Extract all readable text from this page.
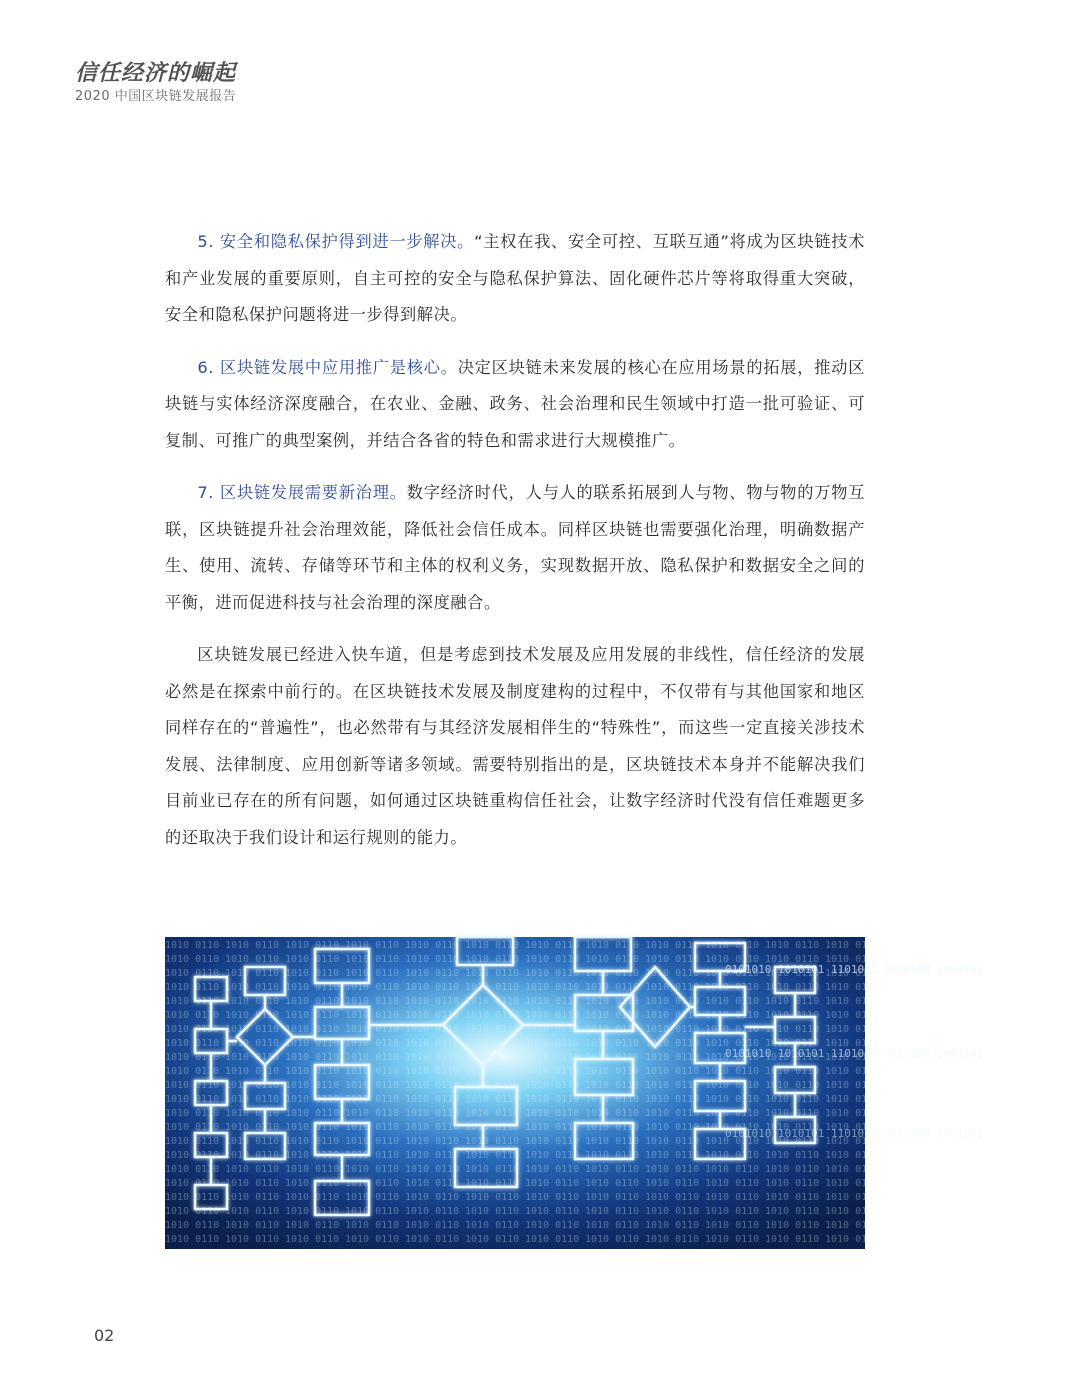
信任经济的崛起
2020 中国区块链发展报告

5. 安全和隐私保护得到进一步解决。“主权在我、安全可控、互联互通”将成为区块链技术和产业发展的重要原则，自主可控的安全与隐私保护算法、固化硬件芯片等将取得重大突破，安全和隐私保护问题将进一步得到解决。

6. 区块链发展中应用推广是核心。决定区块链未来发展的核心在应用场景的拓展，推动区块链与实体经济深度融合，在农业、金融、政务、社会治理和民生领域中打造一批可验证、可复制、可推广的典型案例，并结合各省的特色和需求进行大规模推广。

7. 区块链发展需要新治理。数字经济时代，人与人的联系拓展到人与物、物与物的万物互联，区块链提升社会治理效能，降低社会信任成本。同样区块链也需要强化治理，明确数据产生、使用、流转、存储等环节和主体的权利义务，实现数据开放、隐私保护和数据安全之间的平衡，进而促进科技与社会治理的深度融合。

区块链发展已经进入快车道，但是考虑到技术发展及应用发展的非线性，信任经济的发展必然是在探索中前行的。在区块链技术发展及制度建构的过程中，不仅带有与其他国家和地区同样存在的“普遍性”，也必然带有与其经济发展相伴生的“特殊性”，而这些一定直接关涉技术发展、法律制度、应用创新等诸多领域。需要特别指出的是，区块链技术本身并不能解决我们目前业已存在的所有问题，如何通过区块链重构信任社会，让数字经济时代没有信任难题更多的还取决于我们设计和运行规则的能力。

0101010 1010101 1101001 0110100 1001101
0101010 1010101 1101001 0110100 1001101
0101010 1010101 1101001 0110100 1001101
02
